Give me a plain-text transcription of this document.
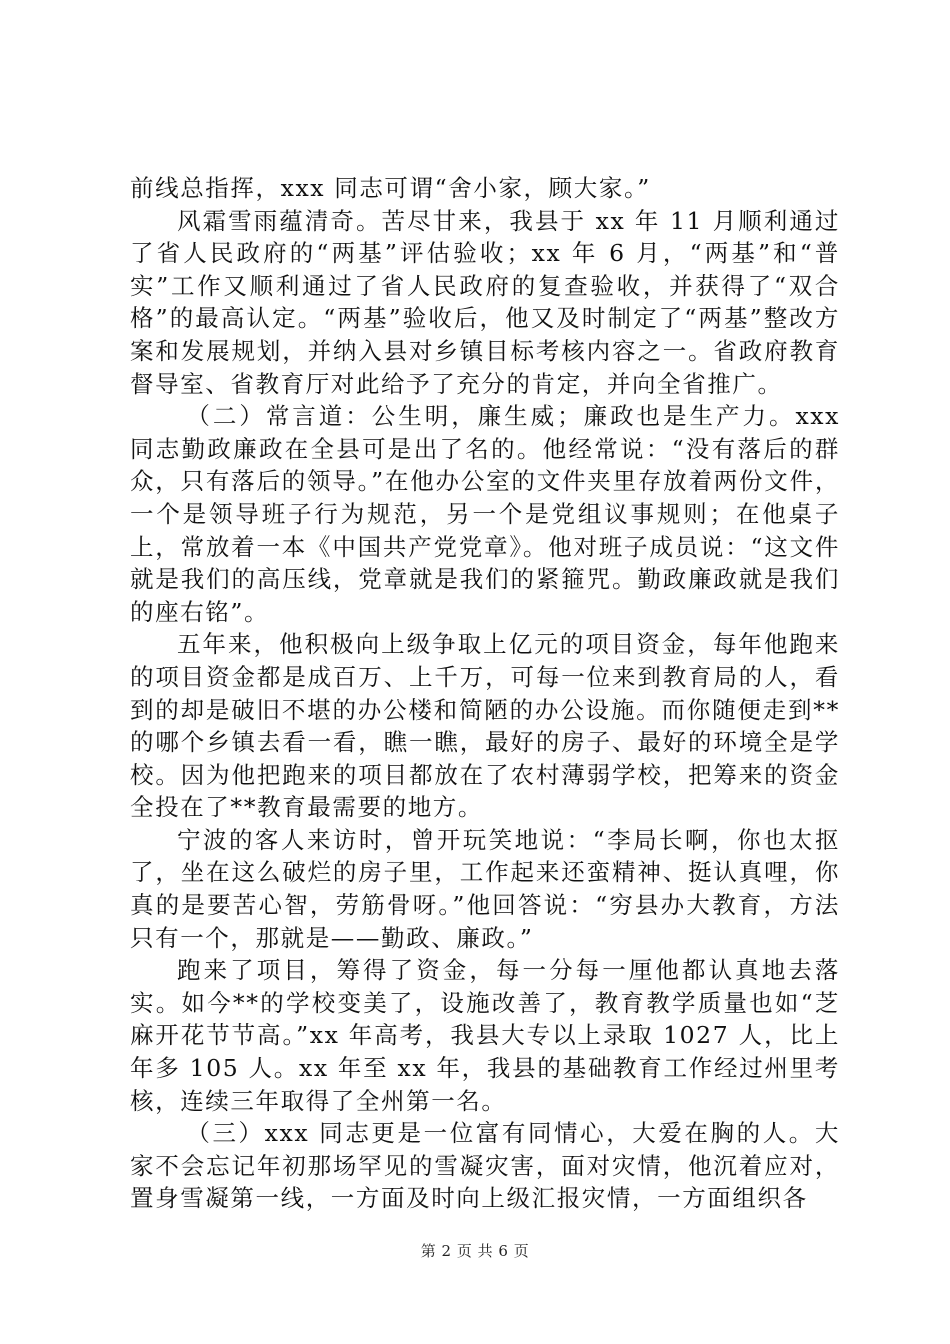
前线总指挥，xxx 同志可谓“舍小家，顾大家。”

风霜雪雨蕴清奇。苦尽甘来，我县于 xx 年 11 月顺利通过了省人民政府的“两基”评估验收；xx 年 6 月，“两基”和“普实”工作又顺利通过了省人民政府的复查验收，并获得了“双合格”的最高认定。“两基”验收后，他又及时制定了“两基”整改方案和发展规划，并纳入县对乡镇目标考核内容之一。省政府教育督导室、省教育厅对此给予了充分的肯定，并向全省推广。

（二）常言道：公生明，廉生威；廉政也是生产力。xxx 同志勤政廉政在全县可是出了名的。他经常说：“没有落后的群众，只有落后的领导。”在他办公室的文件夹里存放着两份文件，一个是领导班子行为规范，另一个是党组议事规则；在他桌子上，常放着一本《中国共产党党章》。他对班子成员说：“这文件就是我们的高压线，党章就是我们的紧箍咒。勤政廉政就是我们的座右铭”。

五年来，他积极向上级争取上亿元的项目资金，每年他跑来的项目资金都是成百万、上千万，可每一位来到教育局的人，看到的却是破旧不堪的办公楼和简陋的办公设施。而你随便走到**的哪个乡镇去看一看，瞧一瞧，最好的房子、最好的环境全是学校。因为他把跑来的项目都放在了农村薄弱学校，把筹来的资金全投在了**教育最需要的地方。

宁波的客人来访时，曾开玩笑地说：“李局长啊，你也太抠了，坐在这么破烂的房子里，工作起来还蛮精神、挺认真哩，你真的是要苦心智，劳筋骨呀。”他回答说：“穷县办大教育，方法只有一个，那就是——勤政、廉政。”

跑来了项目，筹得了资金，每一分每一厘他都认真地去落实。如今**的学校变美了，设施改善了，教育教学质量也如“芝麻开花节节高。”xx 年高考，我县大专以上录取 1027 人，比上年多 105 人。xx 年至 xx 年，我县的基础教育工作经过州里考核，连续三年取得了全州第一名。

（三）xxx 同志更是一位富有同情心，大爱在胸的人。大家不会忘记年初那场罕见的雪凝灾害，面对灾情，他沉着应对，置身雪凝第一线，一方面及时向上级汇报灾情，一方面组织各

第 2 页 共 6 页
